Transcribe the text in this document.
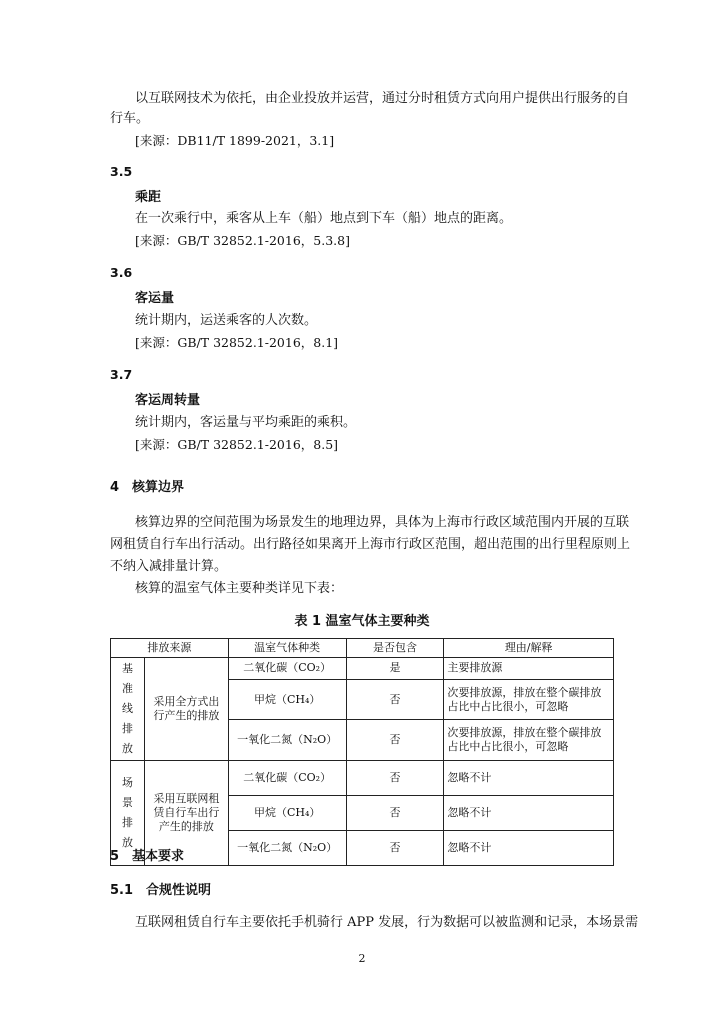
以互联网技术为依托，由企业投放并运营，通过分时租赁方式向用户提供出行服务的自
行车。
[来源：DB11/T 1899-2021，3.1]
3.5
乘距
在一次乘行中，乘客从上车（船）地点到下车（船）地点的距离。
[来源：GB/T 32852.1-2016，5.3.8]
3.6
客运量
统计期内，运送乘客的人次数。
[来源：GB/T 32852.1-2016，8.1]
3.7
客运周转量
统计期内，客运量与平均乘距的乘积。
[来源：GB/T 32852.1-2016，8.5]
4　核算边界
核算边界的空间范围为场景发生的地理边界，具体为上海市行政区域范围内开展的互联
网租赁自行车出行活动。出行路径如果离开上海市行政区范围，超出范围的出行里程原则上
不纳入减排量计算。
核算的温室气体主要种类详见下表：
表 1 温室气体主要种类
排放来源		温室气体种类	是否包含	理由/解释

基
准
线
排
放	采用全方式出行产生的排放	二氧化碳（CO₂）	是	主要排放源
		甲烷（CH₄）	否	次要排放源，排放在整个碳排放占比中占比很小，可忽略
		一氧化二氮（N₂O）	否	次要排放源，排放在整个碳排放占比中占比很小，可忽略

场
景
排
放	采用互联网租赁自行车出行产生的排放	二氧化碳（CO₂）	否	忽略不计
		甲烷（CH₄）	否	忽略不计
		一氧化二氮（N₂O）	否	忽略不计
5　基本要求
5.1　合规性说明
互联网租赁自行车主要依托手机骑行 APP 发展，行为数据可以被监测和记录，本场景需
2
